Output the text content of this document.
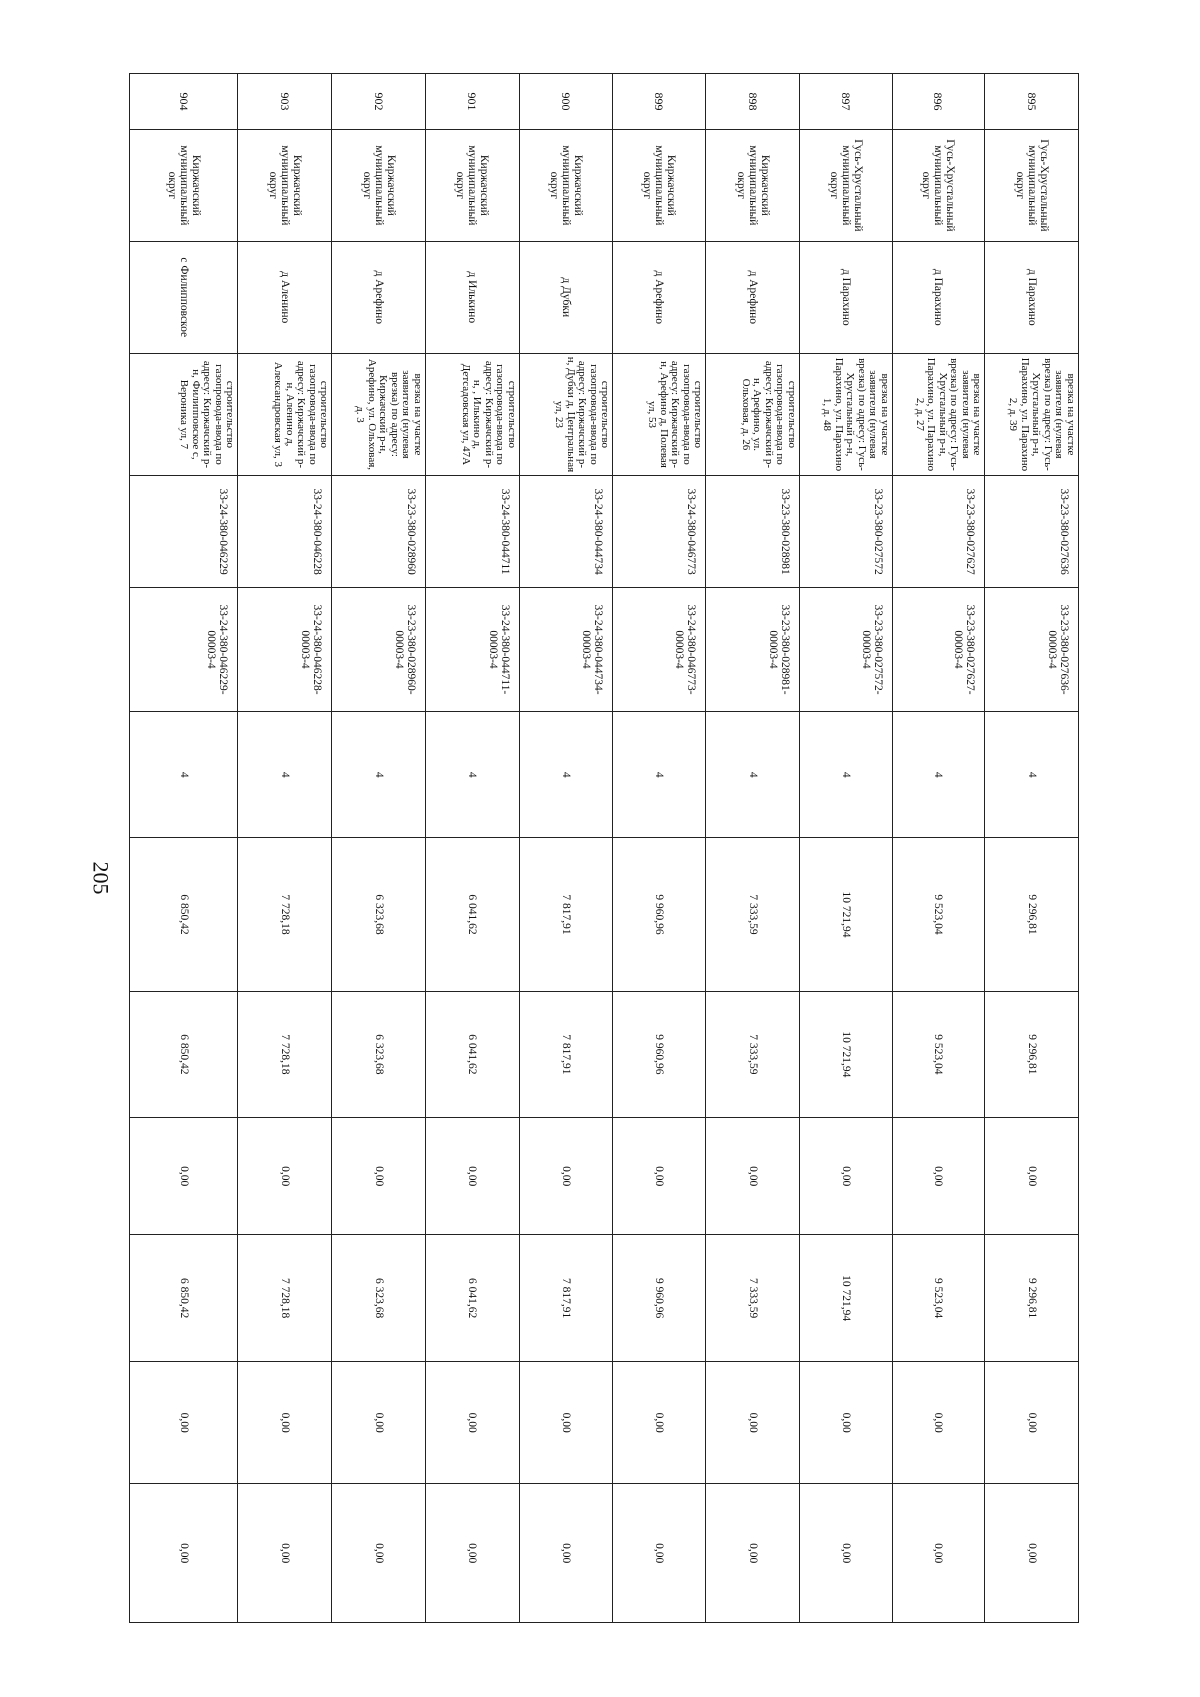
205
895	Гусь-Хрустальный муниципальный округ	д Парахино	врезка на участке заявителя (нулевая врезка) по адресу: Гусь-Хрустальный р-н, Парахино, ул. Парахино 2, д. 39	33-23-380-027636	33-23-380-027636-00003-4	4	9 296,81	9 296,81	0,00	9 296,81	0,00	0,00
896	Гусь-Хрустальный муниципальный округ	д Парахино	врезка на участке заявителя (нулевая врезка) по адресу: Гусь-Хрустальный р-н, Парахино, ул. Парахино 2, д. 27	33-23-380-027627	33-23-380-027627-00003-4	4	9 523,04	9 523,04	0,00	9 523,04	0,00	0,00
897	Гусь-Хрустальный муниципальный округ	д Парахино	врезка на участке заявителя (нулевая врезка) по адресу: Гусь-Хрустальный р-н, Парахино, ул. Парахино 1, д. 48	33-23-380-027572	33-23-380-027572-00003-4	4	10 721,94	10 721,94	0,00	10 721,94	0,00	0,00
898	Киржачский муниципальный округ	д Арефино	строительство газопровода-ввода по адресу: Киржачский р-н, Арефино, ул. Ольховая, д. 26	33-23-380-028981	33-23-380-028981-00003-4	4	7 333,59	7 333,59	0,00	7 333,59	0,00	0,00
899	Киржачский муниципальный округ	д Арефино	строительство газопровода-ввода по адресу: Киржачский р-н, Арефино д, Полевая ул, 53	33-24-380-046773	33-24-380-046773-00003-4	4	9 960,96	9 960,96	0,00	9 960,96	0,00	0,00
900	Киржачский муниципальный округ	д Дубки	строительство газопровода-ввода по адресу: Киржачский р-н, Дубки д, Центральная ул, 23	33-24-380-044734	33-24-380-044734-00003-4	4	7 817,91	7 817,91	0,00	7 817,91	0,00	0,00
901	Киржачский муниципальный округ	д Илькино	строительство газопровода-ввода по адресу: Киржачский р-н, , Илькино д, Детсадовская ул, 47А	33-24-380-044711	33-24-380-044711-00003-4	4	6 041,62	6 041,62	0,00	6 041,62	0,00	0,00
902	Киржачский муниципальный округ	д Арефино	врезка на участке заявителя (нулевая врезка) по адресу: Киржачский р-н, Арефино, ул. Ольховая, д. 3	33-23-380-028960	33-23-380-028960-00003-4	4	6 323,68	6 323,68	0,00	6 323,68	0,00	0,00
903	Киржачский муниципальный округ	д Аленино	строительство газопровода-ввода по адресу: Киржачский р-н, Аленино д, Александровская ул, 3	33-24-380-046228	33-24-380-046228-00003-4	4	7 728,18	7 728,18	0,00	7 728,18	0,00	0,00
904	Киржачский муниципальный округ	с Филипповское	строительство газопровода-ввода по адресу: Киржачский р-н, Филипповское с, Вероника ул, 7	33-24-380-046229	33-24-380-046229-00003-4	4	6 850,42	6 850,42	0,00	6 850,42	0,00	0,00
